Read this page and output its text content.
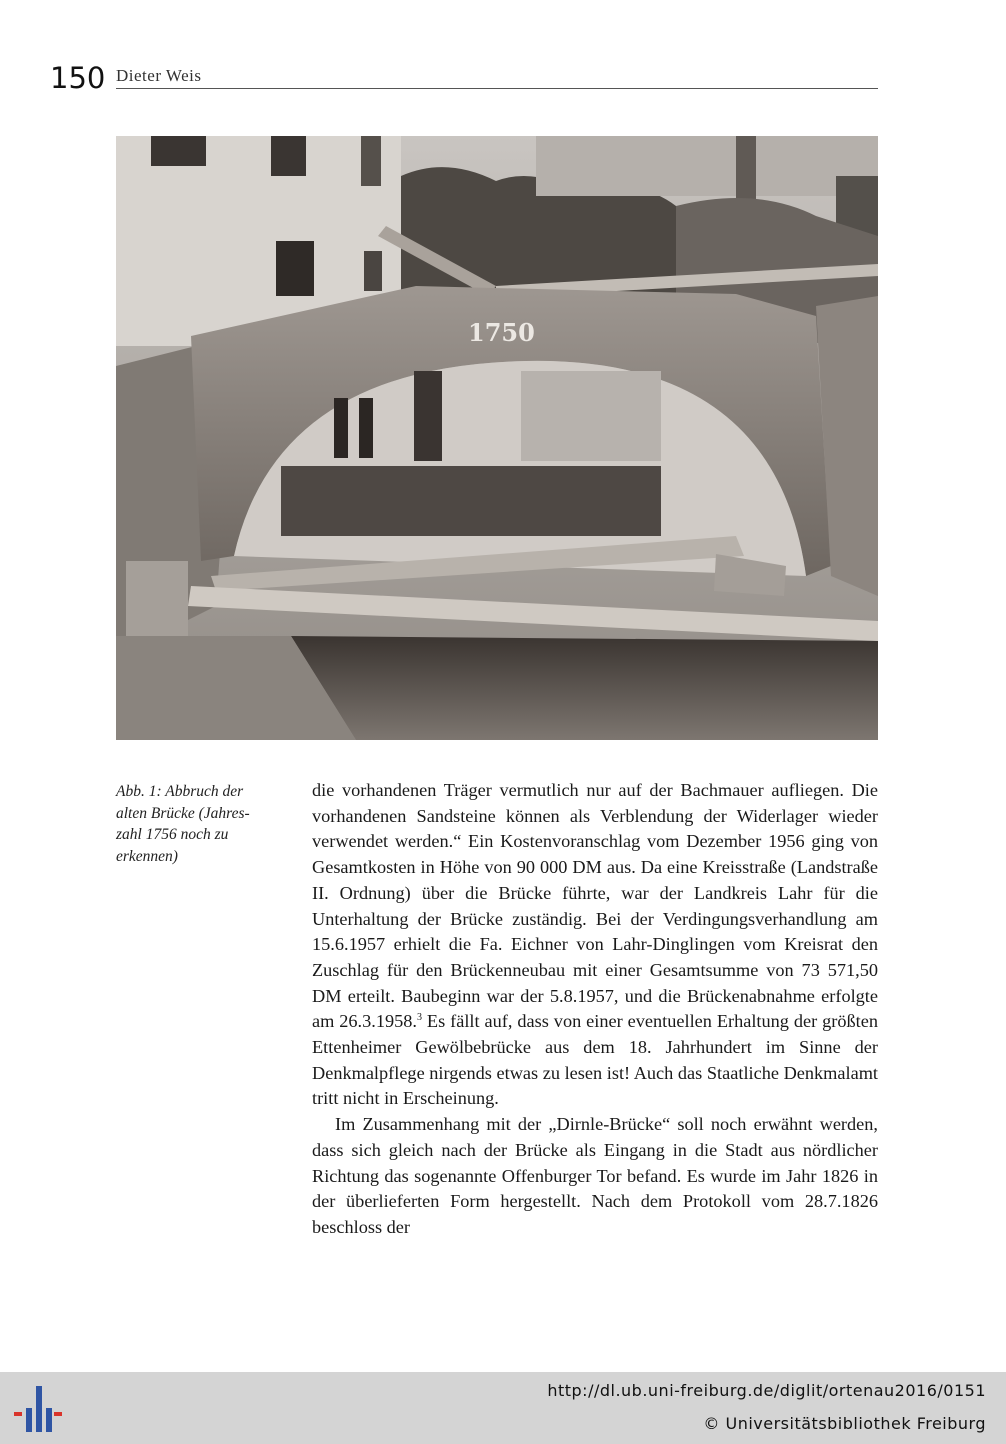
150 Dieter Weis
1750
Abb. 1: Abbruch der
alten Brücke (Jahres-
zahl 1756 noch zu
erkennen)

die vorhandenen Träger vermutlich nur auf der Bachmauer aufliegen. Die vorhandenen Sandsteine können als Verblendung der Widerlager wieder verwendet werden.“ Ein Kostenvoranschlag vom Dezember 1956 ging von Gesamtkosten in Höhe von 90 000 DM aus. Da eine Kreisstraße (Landstraße II. Ordnung) über die Brücke führte, war der Landkreis Lahr für die Unterhaltung der Brücke zuständig. Bei der Verdingungsverhandlung am 15.6.1957 erhielt die Fa. Eichner von Lahr-Dinglingen vom Kreisrat den Zuschlag für den Brückenneubau mit einer Gesamtsumme von 73 571,50 DM erteilt. Baubeginn war der 5.8.1957, und die Brückenabnahme erfolgte am 26.3.1958.$^3$ Es fällt auf, dass von einer eventuellen Erhaltung der größten Ettenheimer Gewölbebrücke aus dem 18. Jahrhundert im Sinne der Denkmalpflege nirgends etwas zu lesen ist! Auch das Staatliche Denkmalamt tritt nicht in Erscheinung.

Im Zusammenhang mit der „Dirnle-Brücke“ soll noch erwähnt werden, dass sich gleich nach der Brücke als Eingang in die Stadt aus nördlicher Richtung das sogenannte Offenburger Tor befand. Es wurde im Jahr 1826 in der überlieferten Form hergestellt. Nach dem Protokoll vom 28.7.1826 beschloss der

http://dl.ub.uni-freiburg.de/diglit/ortenau2016/0151
© Universitätsbibliothek Freiburg
